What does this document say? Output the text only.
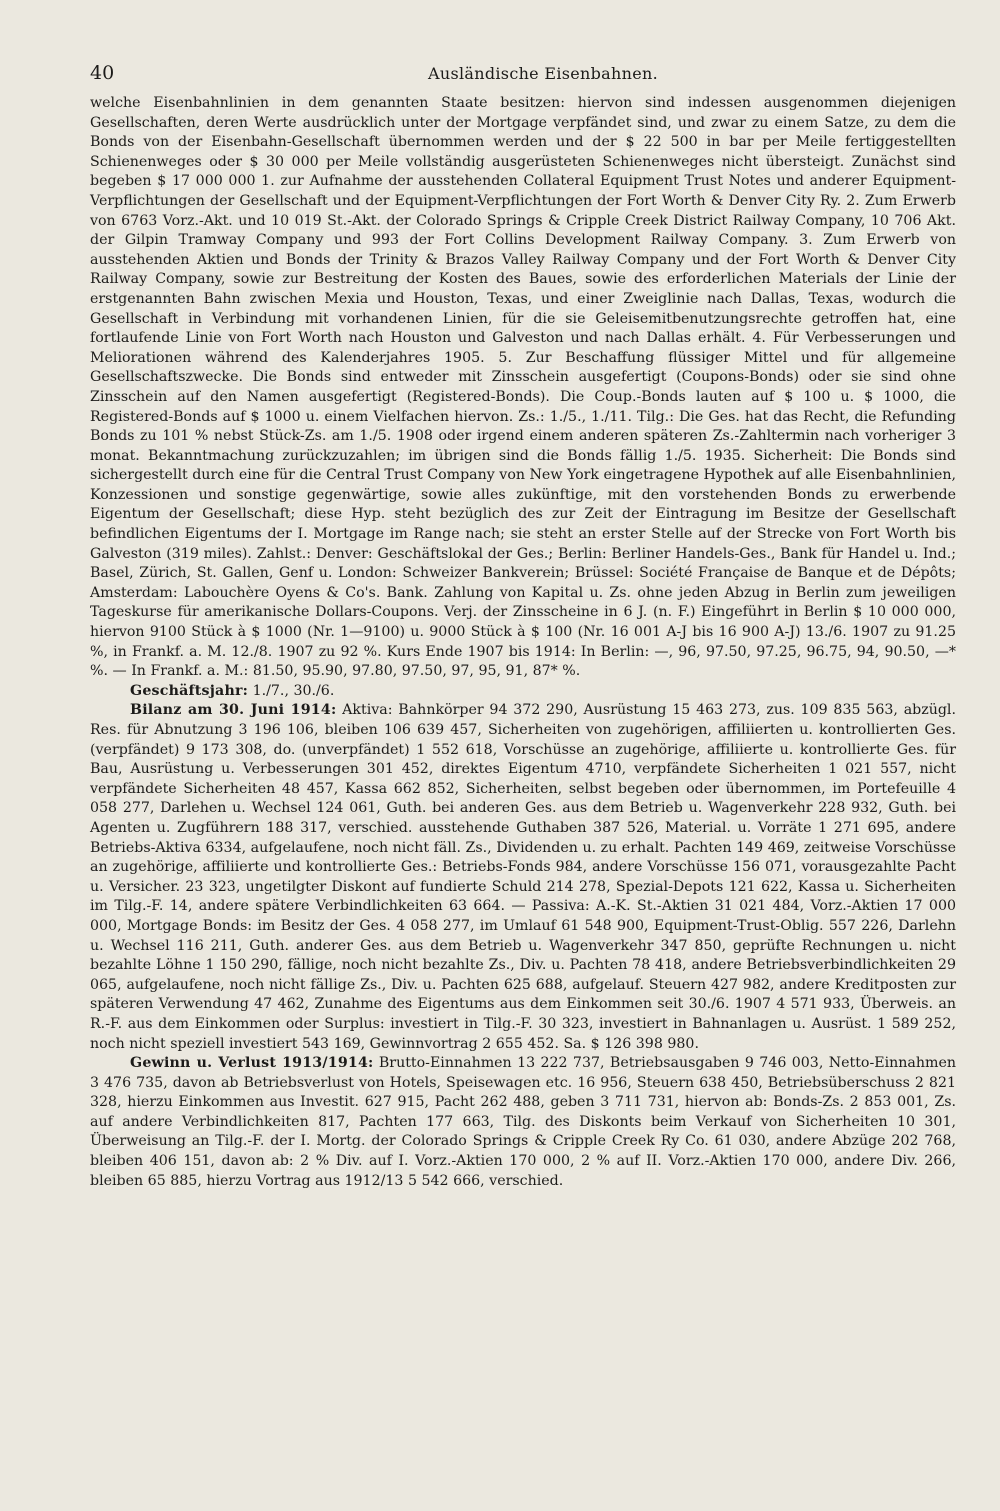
40	Ausländische Eisenbahnen.

welche Eisenbahnlinien in dem genannten Staate besitzen: hiervon sind indessen ausgenommen diejenigen Gesellschaften, deren Werte ausdrücklich unter der Mortgage verpfändet sind, und zwar zu einem Satze, zu dem die Bonds von der Eisenbahn-Gesellschaft übernommen werden und der $ 22 500 in bar per Meile fertiggestellten Schienenweges oder $ 30 000 per Meile vollständig ausgerüsteten Schienenweges nicht übersteigt. Zunächst sind begeben $ 17 000 000 1. zur Aufnahme der ausstehenden Collateral Equipment Trust Notes und anderer Equipment-Verpflichtungen der Gesellschaft und der Equipment-Verpflichtungen der Fort Worth & Denver City Ry. 2. Zum Erwerb von 6763 Vorz.-Akt. und 10 019 St.-Akt. der Colorado Springs & Cripple Creek District Railway Company, 10 706 Akt. der Gilpin Tramway Company und 993 der Fort Collins Development Railway Company. 3. Zum Erwerb von ausstehenden Aktien und Bonds der Trinity & Brazos Valley Railway Company und der Fort Worth & Denver City Railway Company, sowie zur Bestreitung der Kosten des Baues, sowie des erforderlichen Materials der Linie der erstgenannten Bahn zwischen Mexia und Houston, Texas, und einer Zweiglinie nach Dallas, Texas, wodurch die Gesellschaft in Verbindung mit vorhandenen Linien, für die sie Geleisemitbenutzungsrechte getroffen hat, eine fortlaufende Linie von Fort Worth nach Houston und Galveston und nach Dallas erhält. 4. Für Verbesserungen und Meliorationen während des Kalenderjahres 1905. 5. Zur Beschaffung flüssiger Mittel und für allgemeine Gesellschaftszwecke. Die Bonds sind entweder mit Zinsschein ausgefertigt (Coupons-Bonds) oder sie sind ohne Zinsschein auf den Namen ausgefertigt (Registered-Bonds). Die Coup.-Bonds lauten auf $ 100 u. $ 1000, die Registered-Bonds auf $ 1000 u. einem Vielfachen hiervon. Zs.: 1./5., 1./11. Tilg.: Die Ges. hat das Recht, die Refunding Bonds zu 101 % nebst Stück-Zs. am 1./5. 1908 oder irgend einem anderen späteren Zs.-Zahltermin nach vorheriger 3 monat. Bekanntmachung zurückzuzahlen; im übrigen sind die Bonds fällig 1./5. 1935. Sicherheit: Die Bonds sind sichergestellt durch eine für die Central Trust Company von New York eingetragene Hypothek auf alle Eisenbahnlinien, Konzessionen und sonstige gegenwärtige, sowie alles zukünftige, mit den vorstehenden Bonds zu erwerbende Eigentum der Gesellschaft; diese Hyp. steht bezüglich des zur Zeit der Eintragung im Besitze der Gesellschaft befindlichen Eigentums der I. Mortgage im Range nach; sie steht an erster Stelle auf der Strecke von Fort Worth bis Galveston (319 miles). Zahlst.: Denver: Geschäftslokal der Ges.; Berlin: Berliner Handels-Ges., Bank für Handel u. Ind.; Basel, Zürich, St. Gallen, Genf u. London: Schweizer Bankverein; Brüssel: Société Française de Banque et de Dépôts; Amsterdam: Labouchère Oyens & Co's. Bank. Zahlung von Kapital u. Zs. ohne jeden Abzug in Berlin zum jeweiligen Tageskurse für amerikanische Dollars-Coupons. Verj. der Zinsscheine in 6 J. (n. F.) Eingeführt in Berlin $ 10 000 000, hiervon 9100 Stück à $ 1000 (Nr. 1—9100) u. 9000 Stück à $ 100 (Nr. 16 001 A-J bis 16 900 A-J) 13./6. 1907 zu 91.25 %, in Frankf. a. M. 12./8. 1907 zu 92 %. Kurs Ende 1907 bis 1914: In Berlin: —, 96, 97.50, 97.25, 96.75, 94, 90.50, —* %. — In Frankf. a. M.: 81.50, 95.90, 97.80, 97.50, 97, 95, 91, 87* %.

Geschäftsjahr: 1./7., 30./6.

Bilanz am 30. Juni 1914: Aktiva: Bahnkörper 94 372 290, Ausrüstung 15 463 273, zus. 109 835 563, abzügl. Res. für Abnutzung 3 196 106, bleiben 106 639 457, Sicherheiten von zugehörigen, affiliierten u. kontrollierten Ges. (verpfändet) 9 173 308, do. (unverpfändet) 1 552 618, Vorschüsse an zugehörige, affiliierte u. kontrollierte Ges. für Bau, Ausrüstung u. Verbesserungen 301 452, direktes Eigentum 4710, verpfändete Sicherheiten 1 021 557, nicht verpfändete Sicherheiten 48 457, Kassa 662 852, Sicherheiten, selbst begeben oder übernommen, im Portefeuille 4 058 277, Darlehen u. Wechsel 124 061, Guth. bei anderen Ges. aus dem Betrieb u. Wagenverkehr 228 932, Guth. bei Agenten u. Zugführern 188 317, verschied. ausstehende Guthaben 387 526, Material. u. Vorräte 1 271 695, andere Betriebs-Aktiva 6334, aufgelaufene, noch nicht fäll. Zs., Dividenden u. zu erhalt. Pachten 149 469, zeitweise Vorschüsse an zugehörige, affiliierte und kontrollierte Ges.: Betriebs-Fonds 984, andere Vorschüsse 156 071, vorausgezahlte Pacht u. Versicher. 23 323, ungetilgter Diskont auf fundierte Schuld 214 278, Spezial-Depots 121 622, Kassa u. Sicherheiten im Tilg.-F. 14, andere spätere Verbindlichkeiten 63 664. — Passiva: A.-K. St.-Aktien 31 021 484, Vorz.-Aktien 17 000 000, Mortgage Bonds: im Besitz der Ges. 4 058 277, im Umlauf 61 548 900, Equipment-Trust-Oblig. 557 226, Darlehn u. Wechsel 116 211, Guth. anderer Ges. aus dem Betrieb u. Wagenverkehr 347 850, geprüfte Rechnungen u. nicht bezahlte Löhne 1 150 290, fällige, noch nicht bezahlte Zs., Div. u. Pachten 78 418, andere Betriebsverbindlichkeiten 29 065, aufgelaufene, noch nicht fällige Zs., Div. u. Pachten 625 688, aufgelauf. Steuern 427 982, andere Kreditposten zur späteren Verwendung 47 462, Zunahme des Eigentums aus dem Einkommen seit 30./6. 1907 4 571 933, Überweis. an R.-F. aus dem Einkommen oder Surplus: investiert in Tilg.-F. 30 323, investiert in Bahnanlagen u. Ausrüst. 1 589 252, noch nicht speziell investiert 543 169, Gewinnvortrag 2 655 452. Sa. $ 126 398 980.

Gewinn u. Verlust 1913/1914: Brutto-Einnahmen 13 222 737, Betriebsausgaben 9 746 003, Netto-Einnahmen 3 476 735, davon ab Betriebsverlust von Hotels, Speisewagen etc. 16 956, Steuern 638 450, Betriebsüberschuss 2 821 328, hierzu Einkommen aus Investit. 627 915, Pacht 262 488, geben 3 711 731, hiervon ab: Bonds-Zs. 2 853 001, Zs. auf andere Verbindlichkeiten 817, Pachten 177 663, Tilg. des Diskonts beim Verkauf von Sicherheiten 10 301, Überweisung an Tilg.-F. der I. Mortg. der Colorado Springs & Cripple Creek Ry Co. 61 030, andere Abzüge 202 768, bleiben 406 151, davon ab: 2 % Div. auf I. Vorz.-Aktien 170 000, 2 % auf II. Vorz.-Aktien 170 000, andere Div. 266, bleiben 65 885, hierzu Vortrag aus 1912/13 5 542 666, verschied.
